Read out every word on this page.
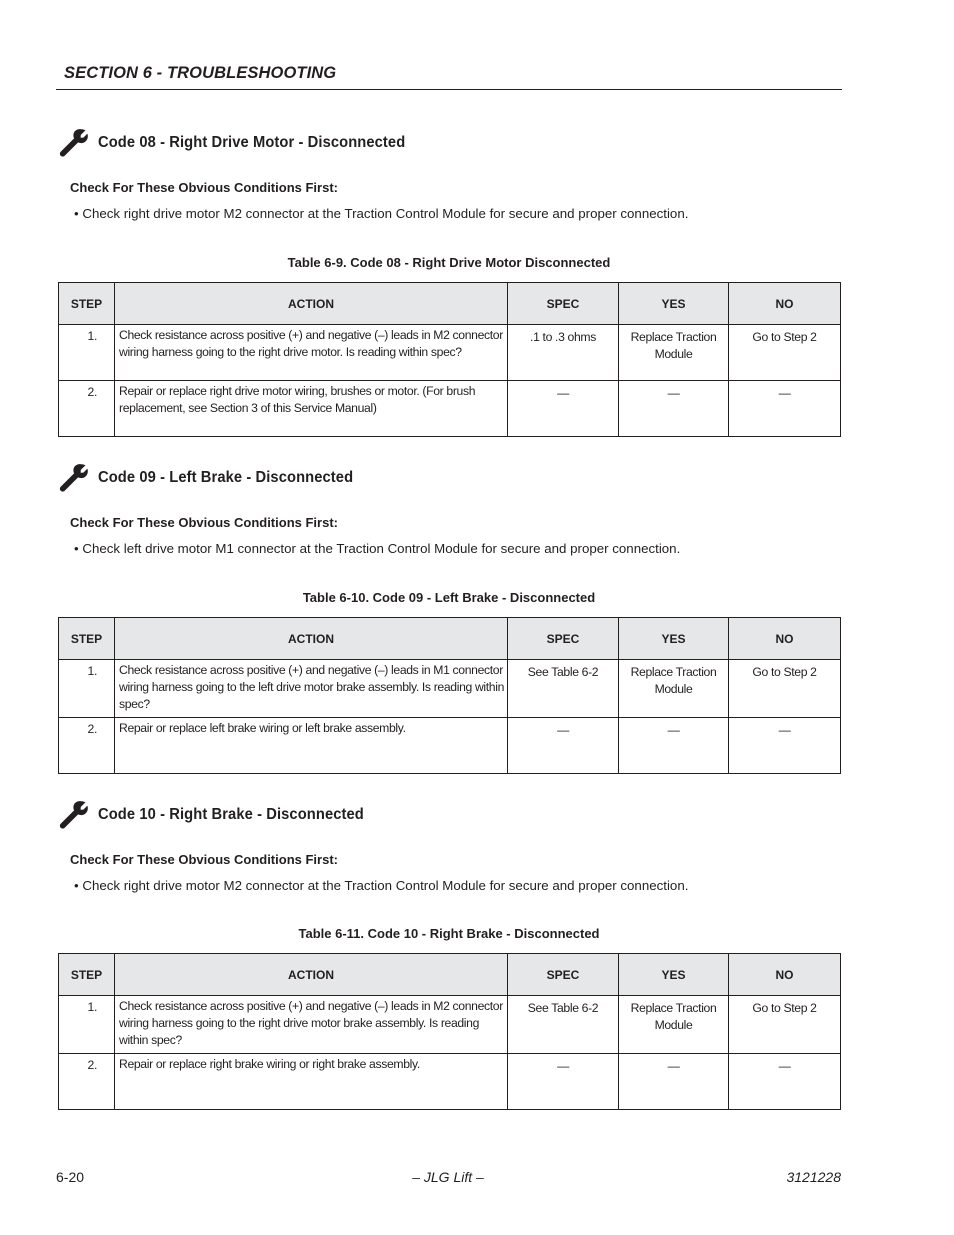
SECTION 6 - TROUBLESHOOTING
Code 08 - Right Drive Motor - Disconnected
Check For These Obvious Conditions First:
• Check right drive motor M2 connector at the Traction Control Module for secure and proper connection.
Table 6-9. Code 08 - Right Drive Motor Disconnected
STEP	ACTION	SPEC	YES	NO
1.	Check resistance across positive (+) and negative (–) leads in M2 connector wiring harness going to the right drive motor. Is reading within spec?	.1 to .3 ohms	Replace Traction Module	Go to Step 2
2.	Repair or replace right drive motor wiring, brushes or motor. (For brush replacement, see Section 3 of this Service Manual)	—	—	—
Code 09 - Left Brake - Disconnected
Check For These Obvious Conditions First:
• Check left drive motor M1 connector at the Traction Control Module for secure and proper connection.
Table 6-10. Code 09 - Left Brake - Disconnected
STEP	ACTION	SPEC	YES	NO
1.	Check resistance across positive (+) and negative (–) leads in M1 connector wiring harness going to the left drive motor brake assembly. Is reading within spec?	See Table 6-2	Replace Traction Module	Go to Step 2
2.	Repair or replace left brake wiring or left brake assembly.	—	—	—
Code 10 - Right Brake - Disconnected
Check For These Obvious Conditions First:
• Check right drive motor M2 connector at the Traction Control Module for secure and proper connection.
Table 6-11. Code 10 - Right Brake - Disconnected
STEP	ACTION	SPEC	YES	NO
1.	Check resistance across positive (+) and negative (–) leads in M2 connector wiring harness going to the right drive motor brake assembly. Is reading within spec?	See Table 6-2	Replace Traction Module	Go to Step 2
2.	Repair or replace right brake wiring or right brake assembly.	—	—	—
6-20	– JLG Lift –	3121228
